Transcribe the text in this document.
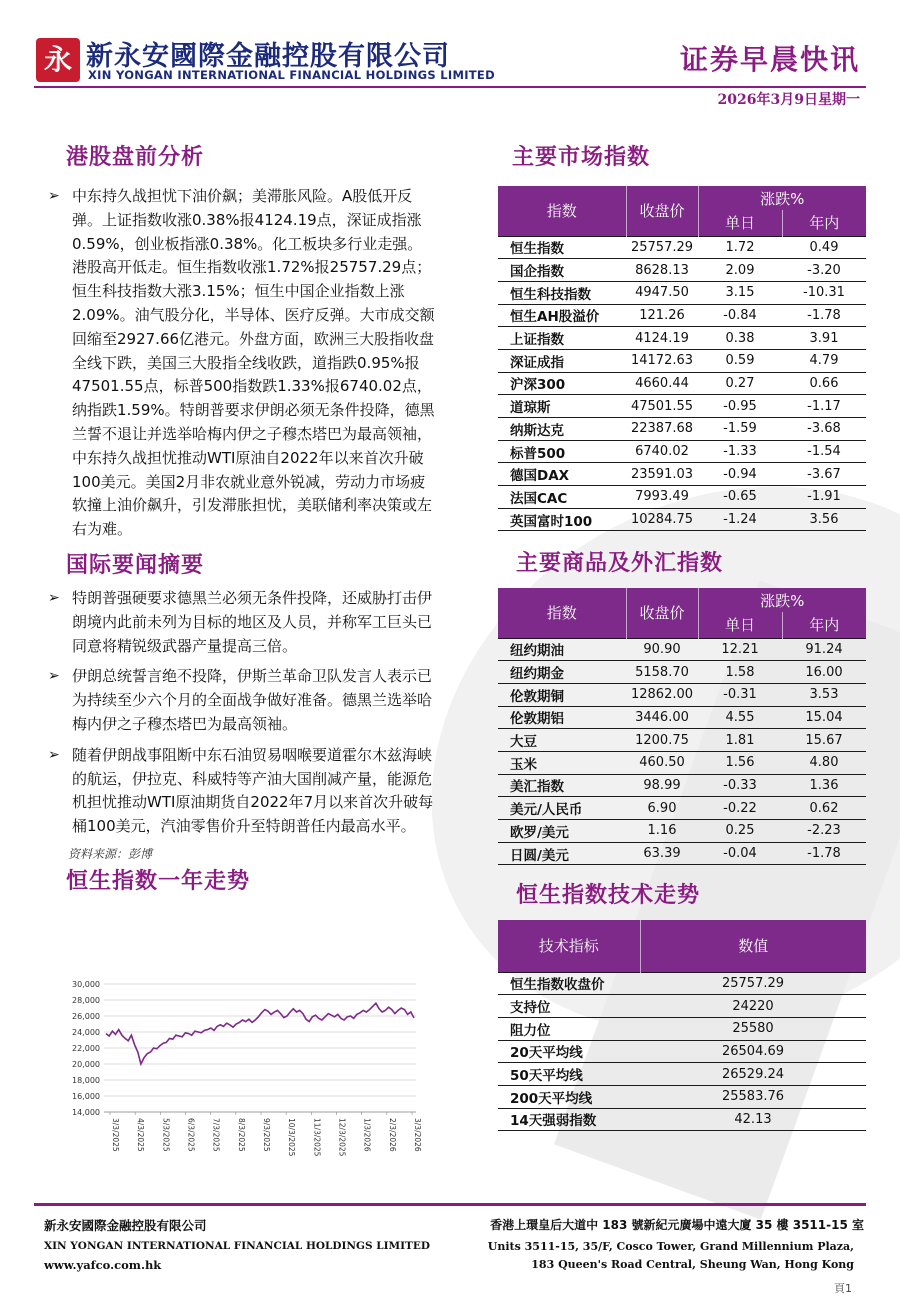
永 新永安國際金融控股有限公司
XIN YONGAN INTERNATIONAL FINANCIAL HOLDINGS LIMITED	证券早晨快讯
2026年3月9日星期一
港股盘前分析
➢ 中东持久战担忧下油价飙；美滞胀风险。A股低开反弹。上证指数收涨0.38%报4124.19点，深证成指涨0.59%，创业板指涨0.38%。化工板块多行业走强。港股高开低走。恒生指数收涨1.72%报25757.29点；恒生科技指数大涨3.15%；恒生中国企业指数上涨2.09%。油气股分化，半导体、医疗反弹。大市成交额回缩至2927.66亿港元。外盘方面，欧洲三大股指收盘全线下跌，美国三大股指全线收跌，道指跌0.95%报47501.55点，标普500指数跌1.33%报6740.02点，纳指跌1.59%。特朗普要求伊朗必须无条件投降，德黑兰誓不退让并选举哈梅内伊之子穆杰塔巴为最高领袖，中东持久战担忧推动WTI原油自2022年以来首次升破100美元。美国2月非农就业意外锐减，劳动力市场疲软撞上油价飙升，引发滞胀担忧，美联储利率决策或左右为难。
国际要闻摘要
➢ 特朗普强硬要求德黑兰必须无条件投降，还威胁打击伊朗境内此前未列为目标的地区及人员，并称军工巨头已同意将精锐级武器产量提高三倍。
➢ 伊朗总统誓言绝不投降，伊斯兰革命卫队发言人表示已为持续至少六个月的全面战争做好准备。德黑兰选举哈梅内伊之子穆杰塔巴为最高领袖。
➢ 随着伊朗战事阻断中东石油贸易咽喉要道霍尔木兹海峡的航运，伊拉克、科威特等产油大国削减产量，能源危机担忧推动WTI原油期货自2022年7月以来首次升破每桶100美元，汽油零售价升至特朗普任内最高水平。
资料来源：彭博
恒生指数一年走势
14,000
16,000
18,000
20,000
22,000
24,000
26,000
28,000
30,000
3/3/2025 4/3/2025 5/3/2025 6/3/2025 7/3/2025 8/3/2025 9/3/2025 10/3/2025 11/3/2025 12/3/2025 1/3/2026 2/3/2026 3/3/2026
主要市场指数
指数	收盘价	涨跌%	
		单日	年内
恒生指数	25757.29	1.72	0.49
国企指数	8628.13	2.09	-3.20
恒生科技指数	4947.50	3.15	-10.31
恒生AH股溢价	121.26	-0.84	-1.78
上证指数	4124.19	0.38	3.91
深证成指	14172.63	0.59	4.79
沪深300	4660.44	0.27	0.66
道琼斯	47501.55	-0.95	-1.17
纳斯达克	22387.68	-1.59	-3.68
标普500	6740.02	-1.33	-1.54
德国DAX	23591.03	-0.94	-3.67
法国CAC	7993.49	-0.65	-1.91
英国富时100	10284.75	-1.24	3.56
主要商品及外汇指数
指数	收盘价	涨跌%	
		单日	年内
纽约期油	90.90	12.21	91.24
纽约期金	5158.70	1.58	16.00
伦敦期铜	12862.00	-0.31	3.53
伦敦期铝	3446.00	4.55	15.04
大豆	1200.75	1.81	15.67
玉米	460.50	1.56	4.80
美汇指数	98.99	-0.33	1.36
美元/人民币	6.90	-0.22	0.62
欧罗/美元	1.16	0.25	-2.23
日圆/美元	63.39	-0.04	-1.78
恒生指数技术走势
技术指标	数值
恒生指数收盘价	25757.29
支持位	24220
阻力位	25580
20天平均线	26504.69
50天平均线	26529.24
200天平均线	25583.76
14天强弱指数	42.13
新永安國際金融控股有限公司
XIN YONGAN INTERNATIONAL FINANCIAL HOLDINGS LIMITED
www.yafco.com.hk
香港上環皇后大道中 183 號新紀元廣場中遠大廈 35 樓 3511-15 室
Units 3511-15, 35/F, Cosco Tower, Grand Millennium Plaza,
183 Queen's Road Central, Sheung Wan, Hong Kong
頁1
